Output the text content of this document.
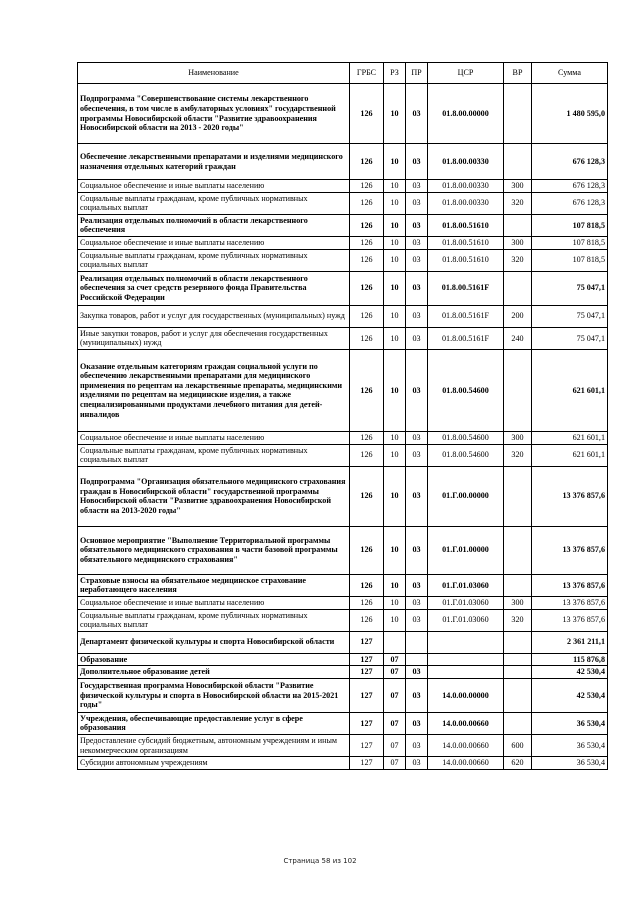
Наименование	ГРБС	РЗ	ПР	ЦСР	ВР	Сумма
Подпрограмма "Совершенствование системы лекарственного обеспечения, в том числе в амбулаторных условиях" государственной программы Новосибирской области "Развитие здравоохранения Новосибирской области на 2013 - 2020 годы"	126	10	03	01.8.00.00000		1 480 595,0
Обеспечение лекарственными препаратами и изделиями медицинского назначения отдельных категорий граждан	126	10	03	01.8.00.00330		676 128,3
Социальное обеспечение и иные выплаты населению	126	10	03	01.8.00.00330	300	676 128,3
Социальные выплаты гражданам, кроме публичных нормативных социальных выплат	126	10	03	01.8.00.00330	320	676 128,3
Реализация отдельных полномочий в области лекарственного обеспечения	126	10	03	01.8.00.51610		107 818,5
Социальное обеспечение и иные выплаты населению	126	10	03	01.8.00.51610	300	107 818,5
Социальные выплаты гражданам, кроме публичных нормативных социальных выплат	126	10	03	01.8.00.51610	320	107 818,5
Реализация отдельных полномочий в области лекарственного обеспечения за счет средств резервного фонда Правительства Российской Федерации	126	10	03	01.8.00.5161F		75 047,1
Закупка товаров, работ и услуг для государственных (муниципальных) нужд	126	10	03	01.8.00.5161F	200	75 047,1
Иные закупки товаров, работ и услуг для обеспечения государственных (муниципальных) нужд	126	10	03	01.8.00.5161F	240	75 047,1
Оказание отдельным категориям граждан социальной услуги по обеспечению лекарственными препаратами для медицинского применения по рецептам на лекарственные препараты, медицинскими изделиями по рецептам на медицинские изделия, а также специализированными продуктами лечебного питания для детей-инвалидов	126	10	03	01.8.00.54600		621 601,1
Социальное обеспечение и иные выплаты населению	126	10	03	01.8.00.54600	300	621 601,1
Социальные выплаты гражданам, кроме публичных нормативных социальных выплат	126	10	03	01.8.00.54600	320	621 601,1
Подпрограмма "Организация обязательного медицинского страхования граждан в Новосибирской области" государственной программы Новосибирской области "Развитие здравоохранения Новосибирской области на 2013-2020 годы"	126	10	03	01.Г.00.00000		13 376 857,6
Основное мероприятие "Выполнение Территориальной программы обязательного медицинского страхования в части базовой программы обязательного медицинского страхования"	126	10	03	01.Г.01.00000		13 376 857,6
Страховые взносы на обязательное медицинское страхование неработающего населения	126	10	03	01.Г.01.03060		13 376 857,6
Социальное обеспечение и иные выплаты населению	126	10	03	01.Г.01.03060	300	13 376 857,6
Социальные выплаты гражданам, кроме публичных нормативных социальных выплат	126	10	03	01.Г.01.03060	320	13 376 857,6
Департамент физической культуры и спорта Новосибирской области	127					2 361 211,1
Образование	127	07				115 876,8
Дополнительное образование детей	127	07	03			42 530,4
Государственная программа Новосибирской области "Развитие физической культуры и спорта в Новосибирской области на 2015-2021 годы"	127	07	03	14.0.00.00000		42 530,4
Учреждения, обеспечивающие предоставление услуг в сфере образования	127	07	03	14.0.00.00660		36 530,4
Предоставление субсидий бюджетным, автономным учреждениям и иным некоммерческим организациям	127	07	03	14.0.00.00660	600	36 530,4
Субсидии автономным учреждениям	127	07	03	14.0.00.00660	620	36 530,4
Страница 58 из 102
